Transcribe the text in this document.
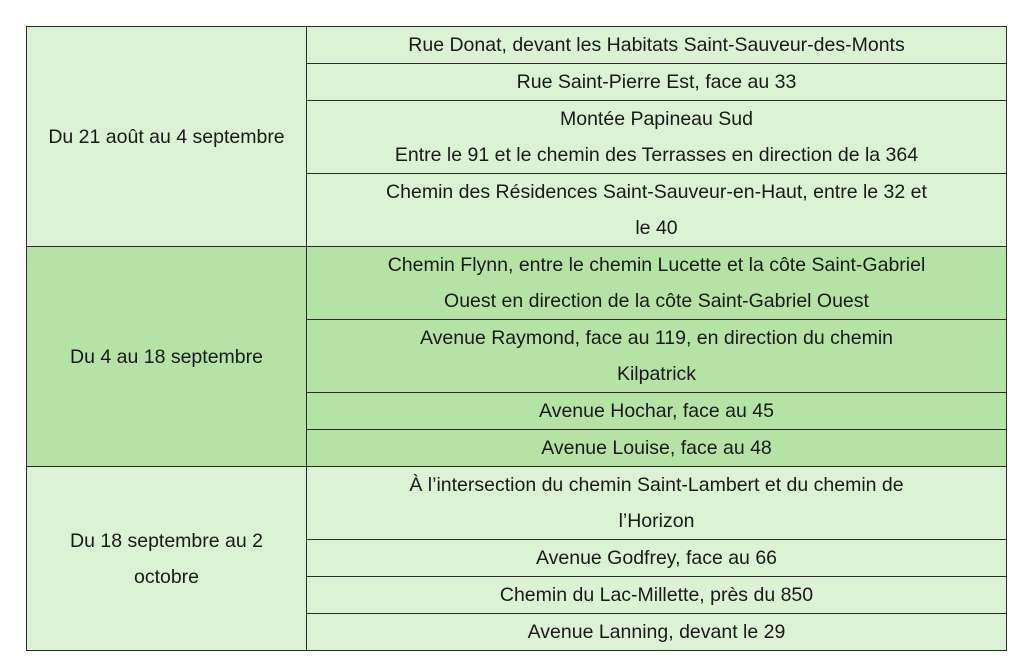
Du 21 août au 4 septembre	Rue Donat, devant les Habitats Saint-Sauveur-des-Monts
	Rue Saint-Pierre Est, face au 33
	Montée Papineau Sud
Entre le 91 et le chemin des Terrasses en direction de la 364
	Chemin des Résidences Saint-Sauveur-en-Haut, entre le 32 et
le 40
Du 4 au 18 septembre	Chemin Flynn, entre le chemin Lucette et la côte Saint-Gabriel
Ouest en direction de la côte Saint-Gabriel Ouest
	Avenue Raymond, face au 119, en direction du chemin
Kilpatrick
	Avenue Hochar, face au 45
	Avenue Louise, face au 48
Du 18 septembre au 2 octobre	À l’intersection du chemin Saint-Lambert et du chemin de
l’Horizon
	Avenue Godfrey, face au 66
	Chemin du Lac-Millette, près du 850
	Avenue Lanning, devant le 29
